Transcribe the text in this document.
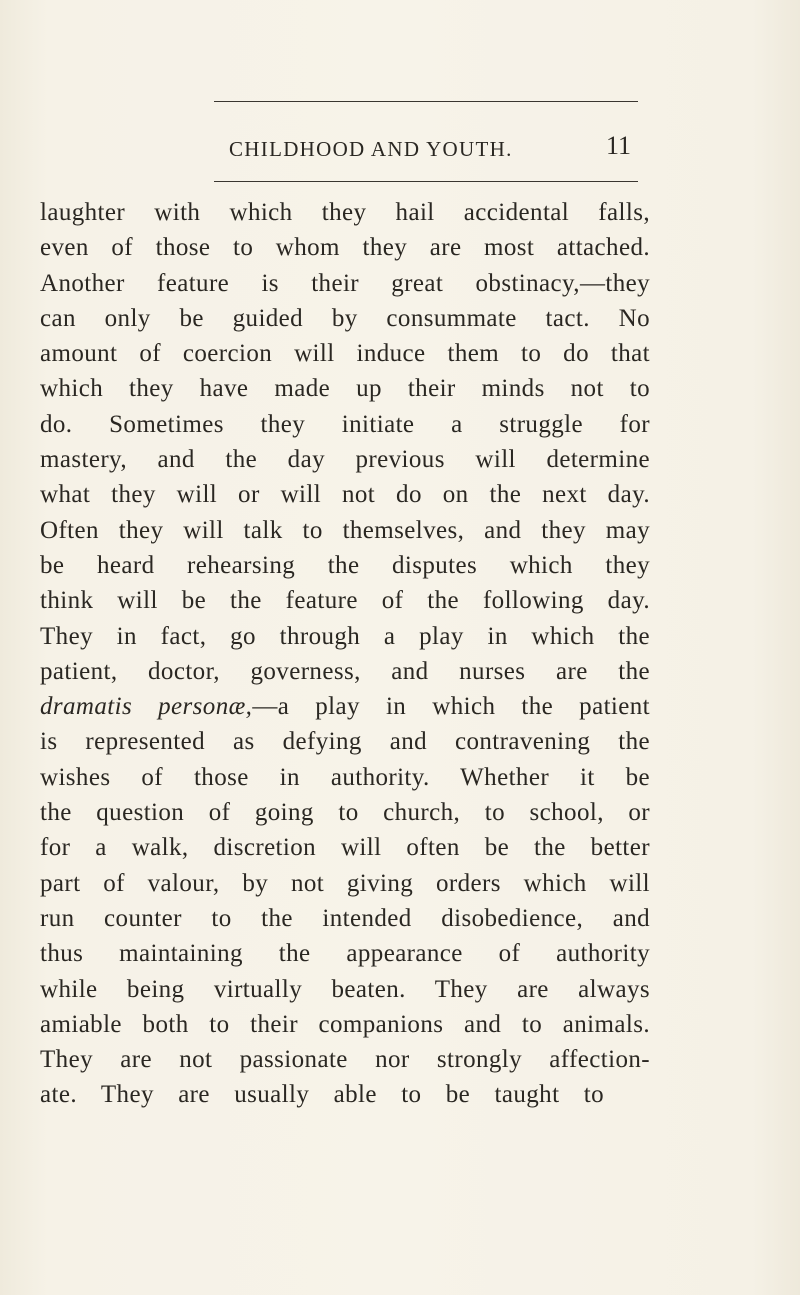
CHILDHOOD AND YOUTH.	11
laughter with which they hail accidental falls,
even of those to whom they are most attached.
Another feature is their great obstinacy,—they
can only be guided by consummate tact. No
amount of coercion will induce them to do that
which they have made up their minds not to
do. Sometimes they initiate a struggle for
mastery, and the day previous will determine
what they will or will not do on the next day.
Often they will talk to themselves, and they may
be heard rehearsing the disputes which they
think will be the feature of the following day.
They in fact, go through a play in which the
patient, doctor, governess, and nurses are the
dramatis personæ,—a play in which the patient
is represented as defying and contravening the
wishes of those in authority. Whether it be
the question of going to church, to school, or
for a walk, discretion will often be the better
part of valour, by not giving orders which will
run counter to the intended disobedience, and
thus maintaining the appearance of authority
while being virtually beaten. They are always
amiable both to their companions and to animals.
They are not passionate nor strongly affection-
ate. They are usually able to be taught to
